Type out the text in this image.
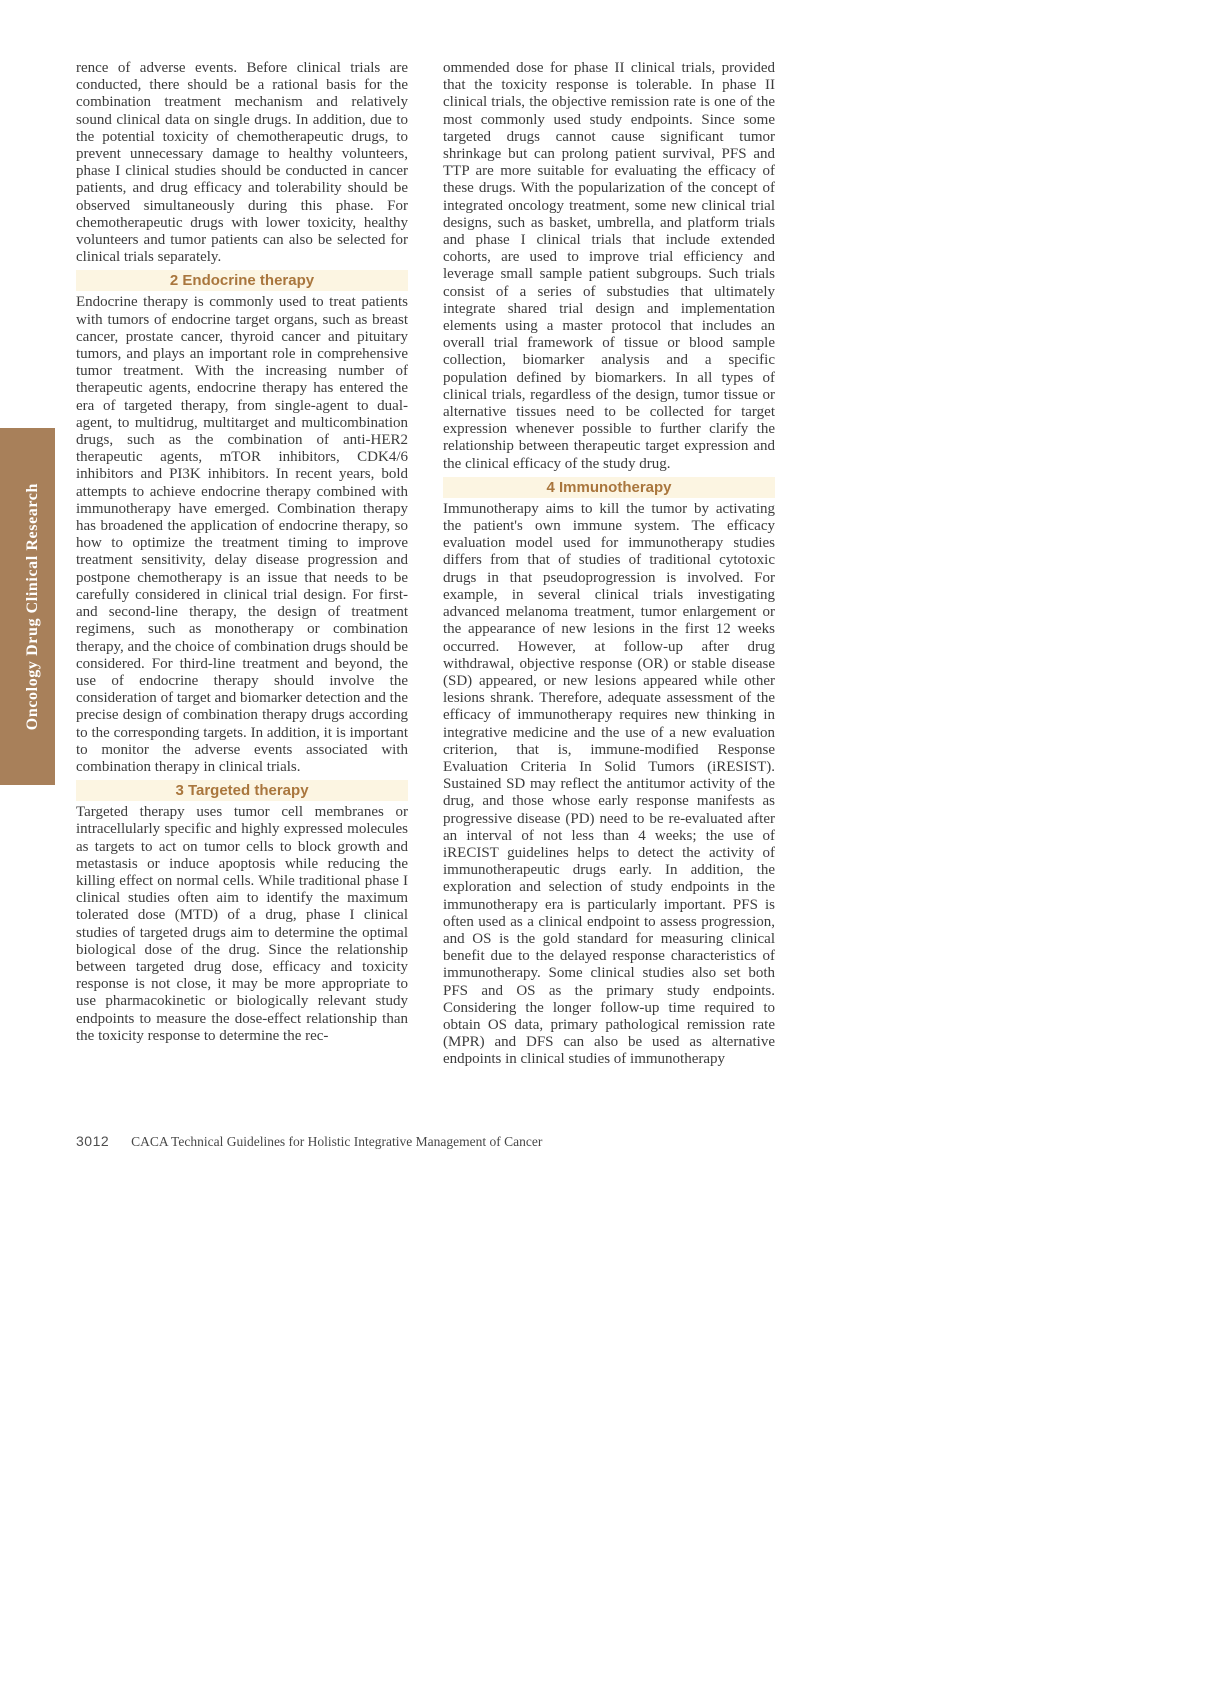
Oncology Drug Clinical Research

rence of adverse events. Before clinical trials are conducted, there should be a rational basis for the combination treatment mechanism and relatively sound clinical data on single drugs. In addition, due to the potential toxicity of chemotherapeutic drugs, to prevent unnecessary damage to healthy volunteers, phase I clinical studies should be conducted in cancer patients, and drug efficacy and tolerability should be observed simultaneously during this phase. For chemotherapeutic drugs with lower toxicity, healthy volunteers and tumor patients can also be selected for clinical trials separately.

2 Endocrine therapy

Endocrine therapy is commonly used to treat patients with tumors of endocrine target organs, such as breast cancer, prostate cancer, thyroid cancer and pituitary tumors, and plays an important role in comprehensive tumor treatment. With the increasing number of therapeutic agents, endocrine therapy has entered the era of targeted therapy, from single-agent to dual-agent, to multidrug, multitarget and multicombination drugs, such as the combination of anti-HER2 therapeutic agents, mTOR inhibitors, CDK4/6 inhibitors and PI3K inhibitors. In recent years, bold attempts to achieve endocrine therapy combined with immunotherapy have emerged. Combination therapy has broadened the application of endocrine therapy, so how to optimize the treatment timing to improve treatment sensitivity, delay disease progression and postpone chemotherapy is an issue that needs to be carefully considered in clinical trial design. For first- and second-line therapy, the design of treatment regimens, such as monotherapy or combination therapy, and the choice of combination drugs should be considered. For third-line treatment and beyond, the use of endocrine therapy should involve the consideration of target and biomarker detection and the precise design of combination therapy drugs according to the corresponding targets. In addition, it is important to monitor the adverse events associated with combination therapy in clinical trials.

3 Targeted therapy

Targeted therapy uses tumor cell membranes or intracellularly specific and highly expressed molecules as targets to act on tumor cells to block growth and metastasis or induce apoptosis while reducing the killing effect on normal cells. While traditional phase I clinical studies often aim to identify the maximum tolerated dose (MTD) of a drug, phase I clinical studies of targeted drugs aim to determine the optimal biological dose of the drug. Since the relationship between targeted drug dose, efficacy and toxicity response is not close, it may be more appropriate to use pharmacokinetic or biologically relevant study endpoints to measure the dose-effect relationship than the toxicity response to determine the rec-

ommended dose for phase II clinical trials, provided that the toxicity response is tolerable. In phase II clinical trials, the objective remission rate is one of the most commonly used study endpoints. Since some targeted drugs cannot cause significant tumor shrinkage but can prolong patient survival, PFS and TTP are more suitable for evaluating the efficacy of these drugs. With the popularization of the concept of integrated oncology treatment, some new clinical trial designs, such as basket, umbrella, and platform trials and phase I clinical trials that include extended cohorts, are used to improve trial efficiency and leverage small sample patient subgroups. Such trials consist of a series of substudies that ultimately integrate shared trial design and implementation elements using a master protocol that includes an overall trial framework of tissue or blood sample collection, biomarker analysis and a specific population defined by biomarkers. In all types of clinical trials, regardless of the design, tumor tissue or alternative tissues need to be collected for target expression whenever possible to further clarify the relationship between therapeutic target expression and the clinical efficacy of the study drug.

4 Immunotherapy

Immunotherapy aims to kill the tumor by activating the patient's own immune system. The efficacy evaluation model used for immunotherapy studies differs from that of studies of traditional cytotoxic drugs in that pseudoprogression is involved. For example, in several clinical trials investigating advanced melanoma treatment, tumor enlargement or the appearance of new lesions in the first 12 weeks occurred. However, at follow-up after drug withdrawal, objective response (OR) or stable disease (SD) appeared, or new lesions appeared while other lesions shrank. Therefore, adequate assessment of the efficacy of immunotherapy requires new thinking in integrative medicine and the use of a new evaluation criterion, that is, immune-modified Response Evaluation Criteria In Solid Tumors (iRESIST). Sustained SD may reflect the antitumor activity of the drug, and those whose early response manifests as progressive disease (PD) need to be re-evaluated after an interval of not less than 4 weeks; the use of iRECIST guidelines helps to detect the activity of immunotherapeutic drugs early. In addition, the exploration and selection of study endpoints in the immunotherapy era is particularly important. PFS is often used as a clinical endpoint to assess progression, and OS is the gold standard for measuring clinical benefit due to the delayed response characteristics of immunotherapy. Some clinical studies also set both PFS and OS as the primary study endpoints. Considering the longer follow-up time required to obtain OS data, primary pathological remission rate (MPR) and DFS can also be used as alternative endpoints in clinical studies of immunotherapy

3012 CACA Technical Guidelines for Holistic Integrative Management of Cancer
